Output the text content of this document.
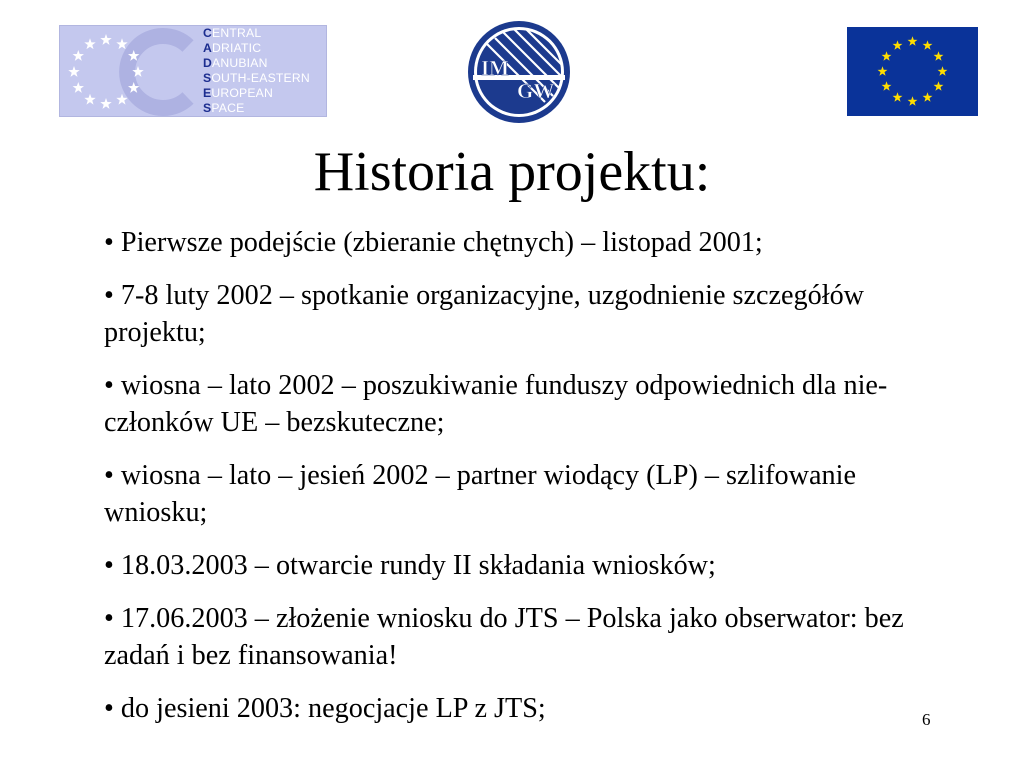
CENTRAL
ADRIATIC
DANUBIAN
SOUTH-EASTERN
EUROPEAN
SPACE
IM
GW
Historia projektu:
• Pierwsze podejście (zbieranie chętnych) – listopad 2001;
• 7-8 luty 2002 – spotkanie organizacyjne, uzgodnienie szczegółów projektu;
• wiosna – lato 2002 – poszukiwanie funduszy odpowiednich dla nie-członków UE – bezskuteczne;
• wiosna – lato – jesień 2002 – partner wiodący (LP) – szlifowanie wniosku;
• 18.03.2003 – otwarcie rundy II składania wniosków;
• 17.06.2003 – złożenie wniosku do JTS – Polska jako obserwator: bez zadań i bez finansowania!
• do jesieni 2003: negocjacje LP z JTS;	6
